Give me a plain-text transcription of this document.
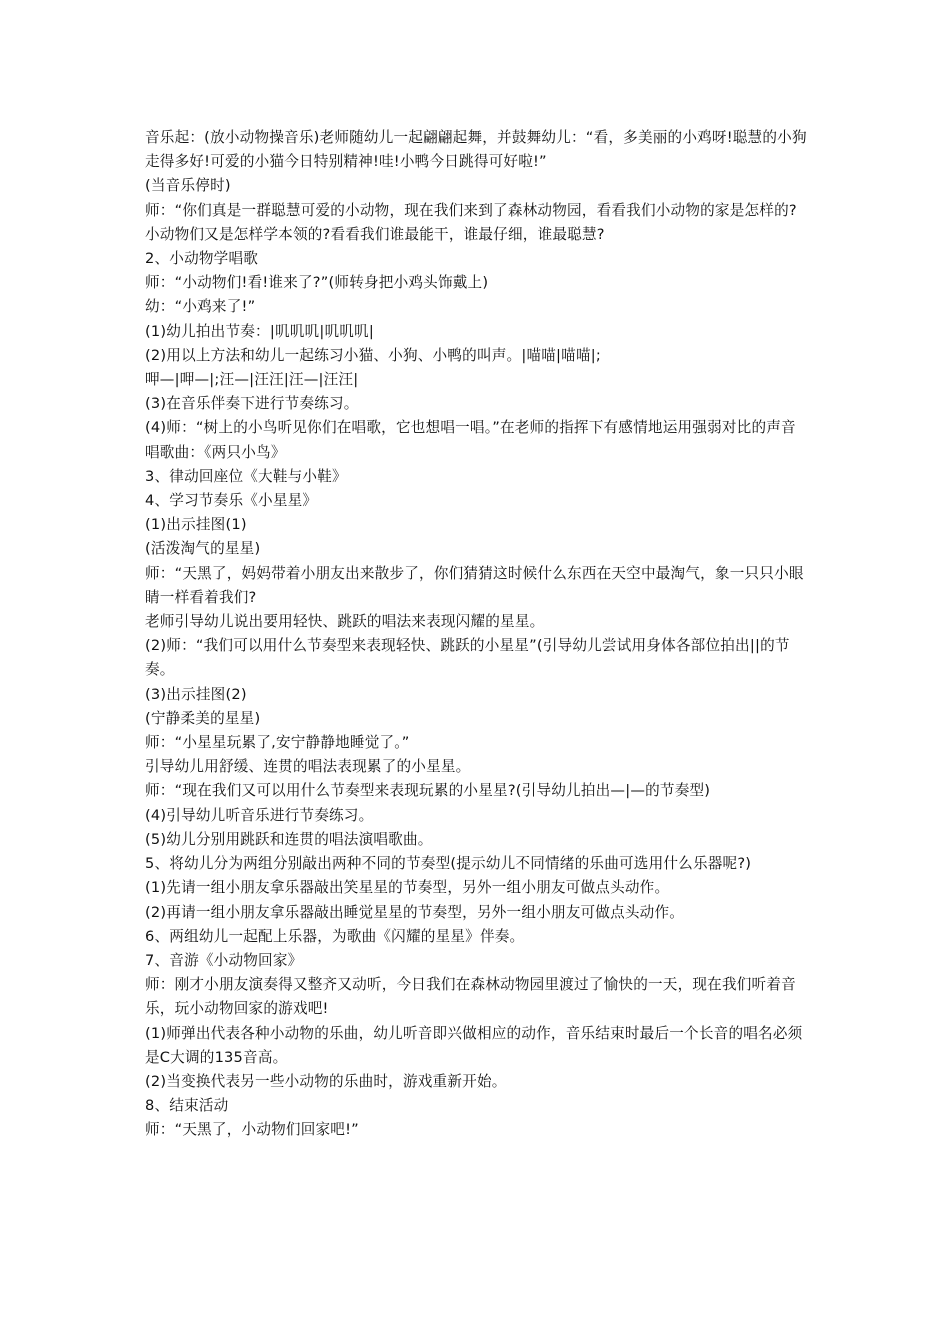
音乐起：(放小动物操音乐)老师随幼儿一起翩翩起舞，并鼓舞幼儿：“看，多美丽的小鸡呀!聪慧的小狗走得多好!可爱的小猫今日特别精神!哇!小鸭今日跳得可好啦!”

(当音乐停时)

师：“你们真是一群聪慧可爱的小动物，现在我们来到了森林动物园，看看我们小动物的家是怎样的?小动物们又是怎样学本领的?看看我们谁最能干，谁最仔细，谁最聪慧?

2、小动物学唱歌

师：“小动物们!看!谁来了?”(师转身把小鸡头饰戴上)

幼：“小鸡来了!”

(1)幼儿拍出节奏：|叽叽叽|叽叽叽|

(2)用以上方法和幼儿一起练习小猫、小狗、小鸭的叫声。|喵喵|喵喵|;

呷—|呷—|;汪—|汪汪|汪—|汪汪|

(3)在音乐伴奏下进行节奏练习。

(4)师：“树上的小鸟听见你们在唱歌，它也想唱一唱。”在老师的指挥下有感情地运用强弱对比的声音唱歌曲：《两只小鸟》

3、律动回座位《大鞋与小鞋》

4、学习节奏乐《小星星》

(1)出示挂图(1)

(活泼淘气的星星)

师：“天黑了，妈妈带着小朋友出来散步了，你们猜猜这时候什么东西在天空中最淘气，象一只只小眼睛一样看着我们?

老师引导幼儿说出要用轻快、跳跃的唱法来表现闪耀的星星。

(2)师：“我们可以用什么节奏型来表现轻快、跳跃的小星星”(引导幼儿尝试用身体各部位拍出||的节奏。

(3)出示挂图(2)

(宁静柔美的星星)

师：“小星星玩累了,安宁静静地睡觉了。”

引导幼儿用舒缓、连贯的唱法表现累了的小星星。

师：“现在我们又可以用什么节奏型来表现玩累的小星星?(引导幼儿拍出—|—的节奏型)

(4)引导幼儿听音乐进行节奏练习。

(5)幼儿分别用跳跃和连贯的唱法演唱歌曲。

5、将幼儿分为两组分别敲出两种不同的节奏型(提示幼儿不同情绪的乐曲可选用什么乐器呢?)

(1)先请一组小朋友拿乐器敲出笑星星的节奏型，另外一组小朋友可做点头动作。

(2)再请一组小朋友拿乐器敲出睡觉星星的节奏型，另外一组小朋友可做点头动作。

6、两组幼儿一起配上乐器，为歌曲《闪耀的星星》伴奏。

7、音游《小动物回家》

师：刚才小朋友演奏得又整齐又动听，今日我们在森林动物园里渡过了愉快的一天，现在我们听着音乐，玩小动物回家的游戏吧!

(1)师弹出代表各种小动物的乐曲，幼儿听音即兴做相应的动作，音乐结束时最后一个长音的唱名必须是C大调的135音高。

(2)当变换代表另一些小动物的乐曲时，游戏重新开始。

8、结束活动

师：“天黑了，小动物们回家吧!”
